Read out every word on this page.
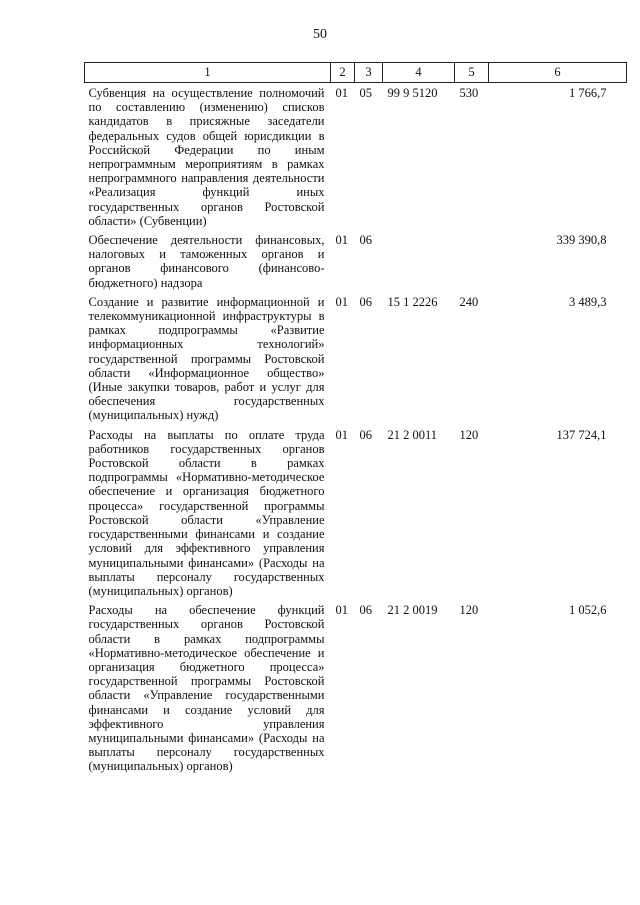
50
1	2	3	4	5	6
Субвенция на осуществление полномочий по составлению (изменению) списков кандидатов в присяжные заседатели федеральных судов общей юрисдикции в Российской Федерации по иным непрограммным мероприятиям в рамках непрограммного направления деятельности «Реализация функций иных государственных органов Ростовской области» (Субвенции)	01	05	99 9 5120	530	1 766,7
Обеспечение деятельности финансовых, налоговых и таможенных органов и органов финансового (финансово-бюджетного) надзора	01	06			339 390,8
Создание и развитие информационной и телекоммуникационной инфраструктуры в рамках подпрограммы «Развитие информационных технологий» государственной программы Ростовской области «Информационное общество» (Иные закупки товаров, работ и услуг для обеспечения государственных (муниципальных) нужд)	01	06	15 1 2226	240	3 489,3
Расходы на выплаты по оплате труда работников государственных органов Ростовской области в рамках подпрограммы «Нормативно-методическое обеспечение и организация бюджетного процесса» государственной программы Ростовской области «Управление государственными финансами и создание условий для эффективного управления муниципальными финансами» (Расходы на выплаты персоналу государственных (муниципальных) органов)	01	06	21 2 0011	120	137 724,1
Расходы на обеспечение функций государственных органов Ростовской области в рамках подпрограммы «Нормативно-методическое обеспечение и организация бюджетного процесса» государственной программы Ростовской области «Управление государственными финансами и создание условий для эффективного управления муниципальными финансами» (Расходы на выплаты персоналу государственных (муниципальных) органов)	01	06	21 2 0019	120	1 052,6
